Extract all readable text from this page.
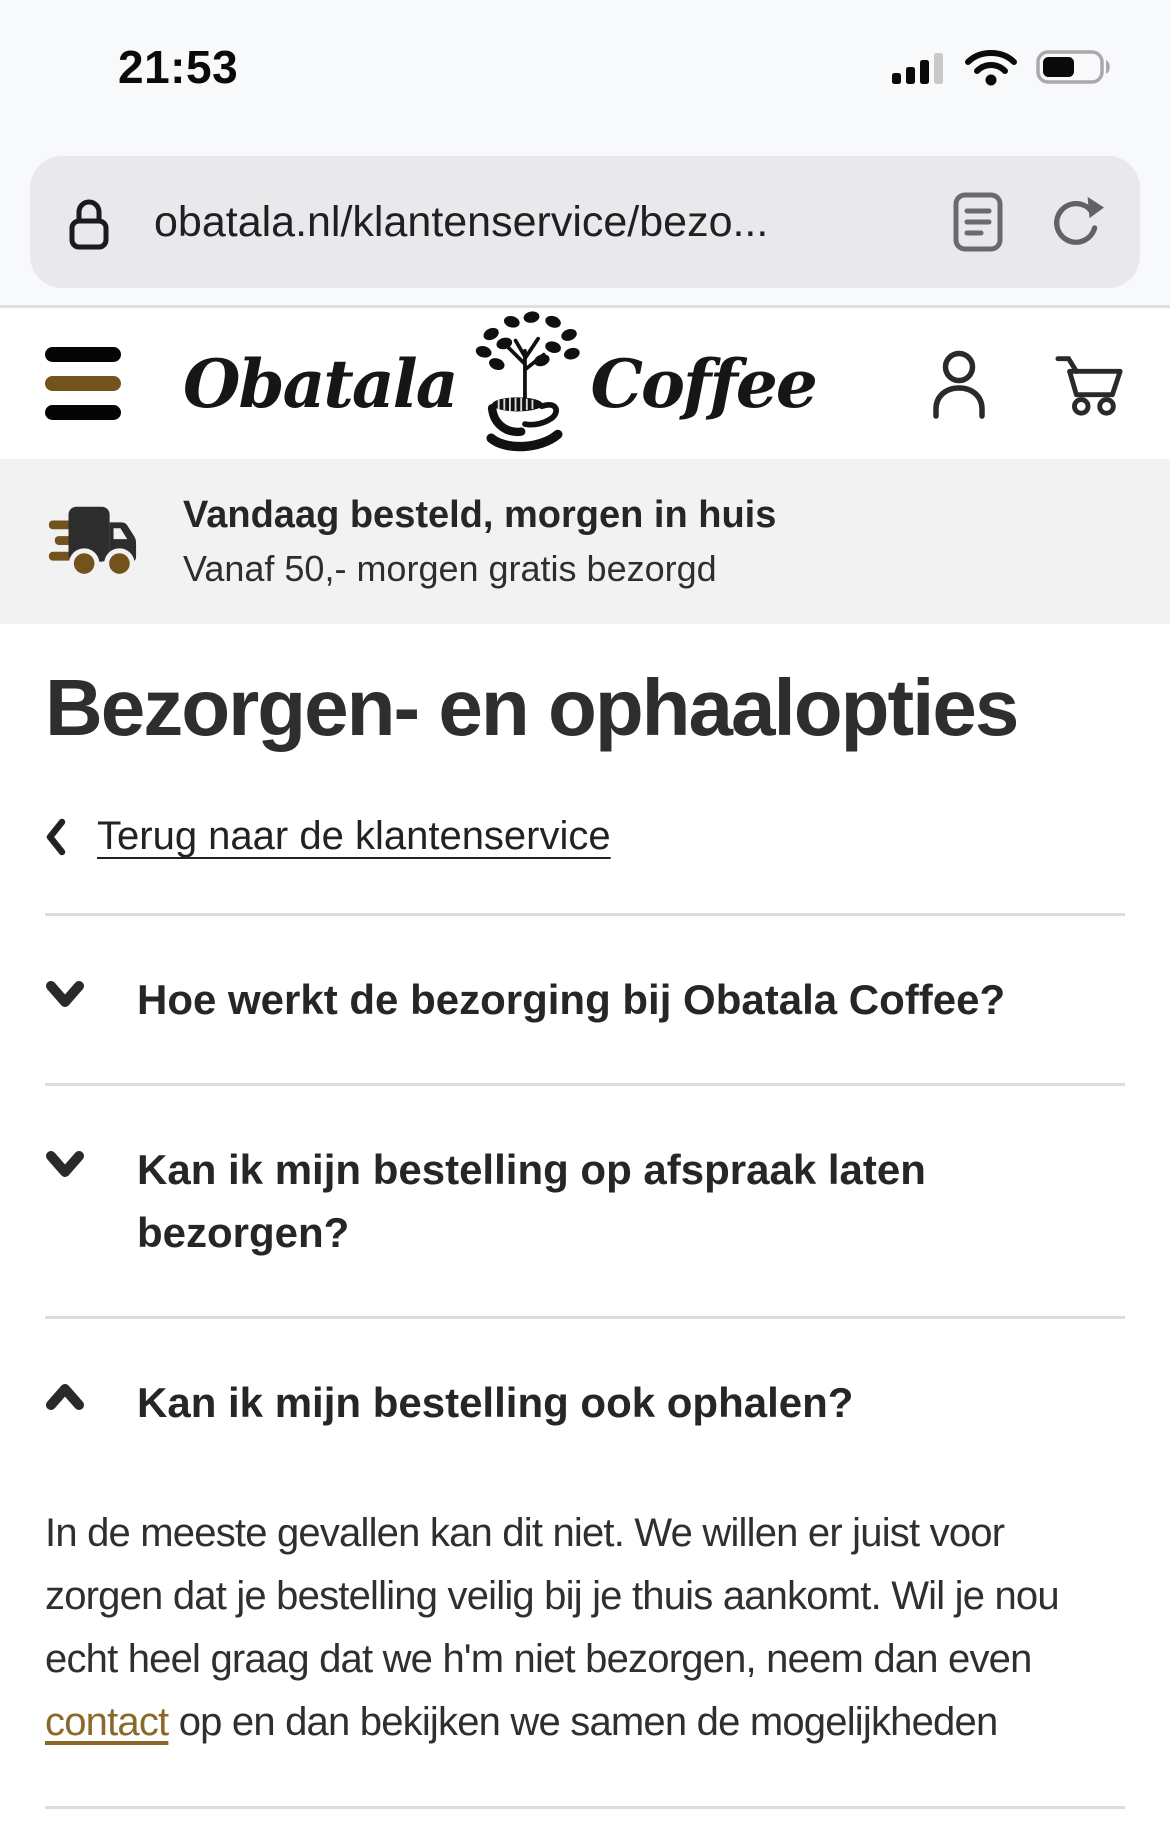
21:53
obatala.nl/klantenservice/bezo...
Obatala Coffee
Vandaag besteld, morgen in huis
Vanaf 50,- morgen gratis bezorgd
Bezorgen- en ophaalopties
Terug naar de klantenservice
Hoe werkt de bezorging bij Obatala Coffee?
Kan ik mijn bestelling op afspraak laten bezorgen?
Kan ik mijn bestelling ook ophalen?

In de meeste gevallen kan dit niet. We willen er juist voor zorgen dat je bestelling veilig bij je thuis aankomt. Wil je nou echt heel graag dat we h'm niet bezorgen, neem dan even contact op en dan bekijken we samen de mogelijkheden
